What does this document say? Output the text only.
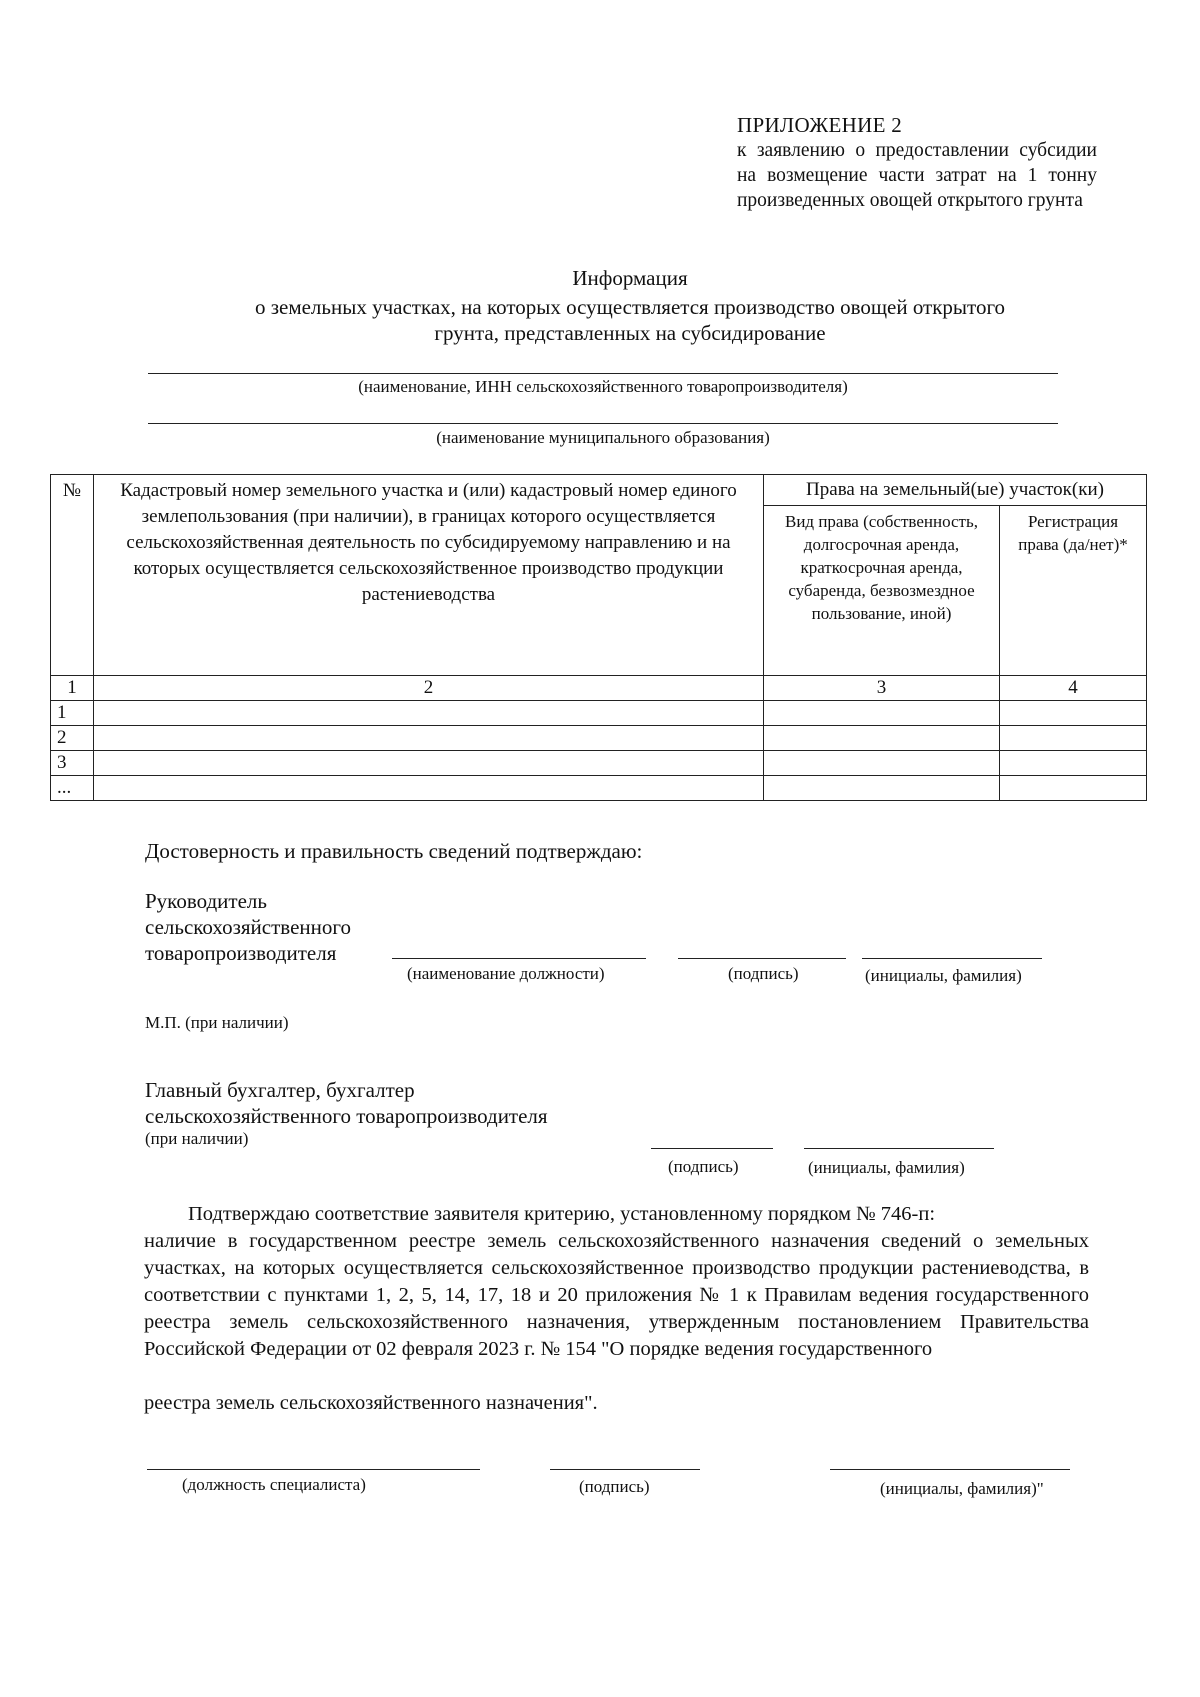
ПРИЛОЖЕНИЕ 2
к заявлению о предоставлении субсидии на возмещение части затрат на 1 тонну произведенных овощей открытого грунта
Информация
о земельных участках, на которых осуществляется производство овощей открытого
грунта, представленных на субсидирование
(наименование, ИНН сельскохозяйственного товаропроизводителя)
(наименование муниципального образования)
№	Кадастровый номер земельного участка и (или) кадастровый номер единого землепользования (при наличии), в границах которого осуществляется сельскохозяйственная деятельность по субсидируемому направлению и на которых осуществляется сельскохозяйственное производство продукции растениеводства	Права на земельный(ые) участок(ки)	
		Вид права (собственность, долгосрочная аренда, краткосрочная аренда, субаренда, безвозмездное пользование, иной)	Регистрация права (да/нет)*
1	2	3	4
1			
2			
3			
...			
Достоверность и правильность сведений подтверждаю:
Руководитель
сельскохозяйственного
товаропроизводителя
(наименование должности)	(подпись)	(инициалы, фамилия)
М.П. (при наличии)
Главный бухгалтер, бухгалтер
сельскохозяйственного товаропроизводителя
(при наличии)
(подпись)	(инициалы, фамилия)
Подтверждаю соответствие заявителя критерию, установленному порядком № 746-п:
наличие в государственном реестре земель сельскохозяйственного назначения сведений о земельных участках, на которых осуществляется сельскохозяйственное производство продукции растениеводства, в соответствии с пунктами 1, 2, 5, 14, 17, 18 и 20 приложения № 1 к Правилам ведения государственного реестра земель сельскохозяйственного назначения, утвержденным постановлением Правительства Российской Федерации от 02 февраля 2023 г. № 154 "О порядке ведения государственного
реестра земель сельскохозяйственного назначения".
(должность специалиста)	(подпись)	(инициалы, фамилия)"
